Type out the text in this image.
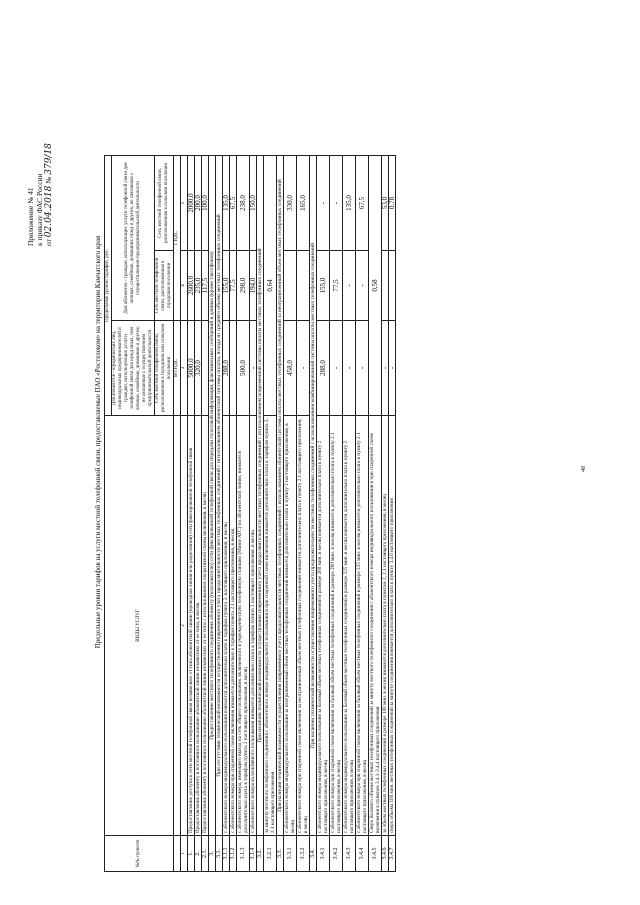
Приложение № 41 к приказу ФАС России от 02.04.2018 № 379/18
Предельные уровни тарифов на услуги местной телефонной связи, предоставляемые ПАО «Ростелеком» на территории Камчатского края
№№ пунктов	ВИДЫ УСЛУГ	Предельные уровни тарифов, руб.		
		Для абонентов - юридических лиц, индивидуальных предпринимателей и граждан, использующих услуги телефонной связи для нужд иных, чем личные, семейные, домашние и другие, не связанные с осуществлением предпринимательской деятельности	Для абонентов - граждан, использующих услуги телефонной связи для личных, семейных, домашних нужд и других, не связанных с осуществлением предпринимательской деятельности	
		Сеть местной телефонной связи, расположенная в городском или сельском поселении	Сеть местной телефонной связи, расположенная в городском поселении	Сеть местной телефонной связи, расположенная в сельском поселении
		без НДС	с НДС	
1	2	3	4	5
1.	Предоставление доступа к сети местной телефонной связи независимо от типа абонентской линии (проводная линия или радиолиния) сети фиксированной телефонной связи	5000,0	2600,0	2000,0
2.	Предоставление абоненту в постоянное пользование абонентской линии независимо от ее типа, в месяц	320,0	235,0	200,0
2.1.	Предоставление абоненту в постоянное пользование абонентской линии независимо от ее типа с использованием оперативной схемы включения, в месяц		117,5	100,0
3.	Предоставление местного телефонного соединения абоненту (пользователю) сети фиксированной телефонной связи для передачи голосовой информации, факсимильных сообщений и данных (кроме таксофонов)			
3.1.	При отсутствии технической возможности осуществления повременного учета продолжительности местных телефонных соединений с использованием абонентской системы оплаты, исходя из среднего объема местных телефонных соединений			
3.1.1	с абонентского номера индивидуального пользования взимается дополнительно плата к тарифам пункта 2. настоящего приложения, в месяц	288,0	155,0	135,0
3.1.2	с абонентского номера при спаренной схеме включения взимается дополнительно к тарифам пункта 2.1 настоящего приложения, в месяц		77,5	67,5
3.1.3	с абонентского номера, имеющего выход на сеть общего пользования, включенного в учрежденческую телефонную станцию (Мини-АТС) по абонентской линии, взимается дополнительно плата к тарифам пункта 2 настоящего приложения, в месяц	500,0	298,0	238,0
3.1.4	с абонентского номера коллективного пользования взимается дополнительно плата к тарифам пункта 2 настоящего приложения, в месяц	-	194,0	150,0
3.2.	При наличии технической возможности осуществления повременного учета продолжительности местных телефонных соединений с использованием повременной системы оплаты местных телефонных соединений			
3.2.1	за минуту местного телефонного соединения с абонентского номера индивидуального пользования и при спаренной схеме включения взимается дополнительно плата к тарифам пункта 2, 2.1 настоящего приложения	0,64		
3.3.	При наличии технической возможности осуществления повременного учета продолжительности местных телефонных соединений с использованием абонентской системы оплаты местных телефонных соединений за неограниченный объем местных телефонных соединений			
3.3.1	с абонентского номера индивидуального пользования за неограниченный объем местных телефонных соединений взимается дополнительно плата к пункту 2 настоящего приложения, в месяц	458,0		330,0
3.3.2	с абонентского номера при спаренной схеме включения за неограниченный объем местных телефонных соединений взимается дополнительно плата к пункту 2.1 настоящего приложения, в месяц	-		165,0
3.4.	При наличии технической возможности осуществления повременного учета продолжительности местных телефонных соединений с использованием комбинированной системы оплаты местных телефонных соединений			
3.4.1	с абонентского номера индивидуального пользования за базовый объем местных телефонных соединений в размере 280 мин. в месяц взимается дополнительно плата к пункту 2 настоящего приложения, в месяц	288,0	155,0	-
3.4.2	с абонентского номера при спаренной схеме включения за базовый объем местных телефонных соединений в размере 280 мин. в месяц взимается дополнительно плата к пункту 2.1 настоящего приложения, в месяц	-	77,5	-
3.4.3	с абонентского номера индивидуального пользования за базовый объем местных телефонных соединений в размере 225 мин. в месяц взимается дополнительно плата к пункту 2 настоящего приложения, в месяц	-	-	135,0
3.4.4	с абонентского номера при спаренной схеме включения за базовый объем местных телефонных соединений в размере 225 мин. в месяц взимается дополнительно плата к пункту 2.1 настоящего приложения, в месяц	-	-	67,5
3.4.5	Сверх базового объема местных телефонных соединений за минуту местного телефонного соединения с абонентского номера индивидуального пользования и при спаренной схеме включения к пунктам 3.4.1-3.4.4 настоящего приложения	0,58		
3.4.6	за объем местных телефонных соединений в размере 100 мин. в месяц взимается дополнительно плата к пунктам 2, 2.1 настоящего приложения, в месяц	-		53,0
3.4.7	сверх объема 100 мин. местных телефонных соединений за минуту соединения взимается дополнительно плата к пункту 3.4.6 настоящего приложения	-		0,78
48
